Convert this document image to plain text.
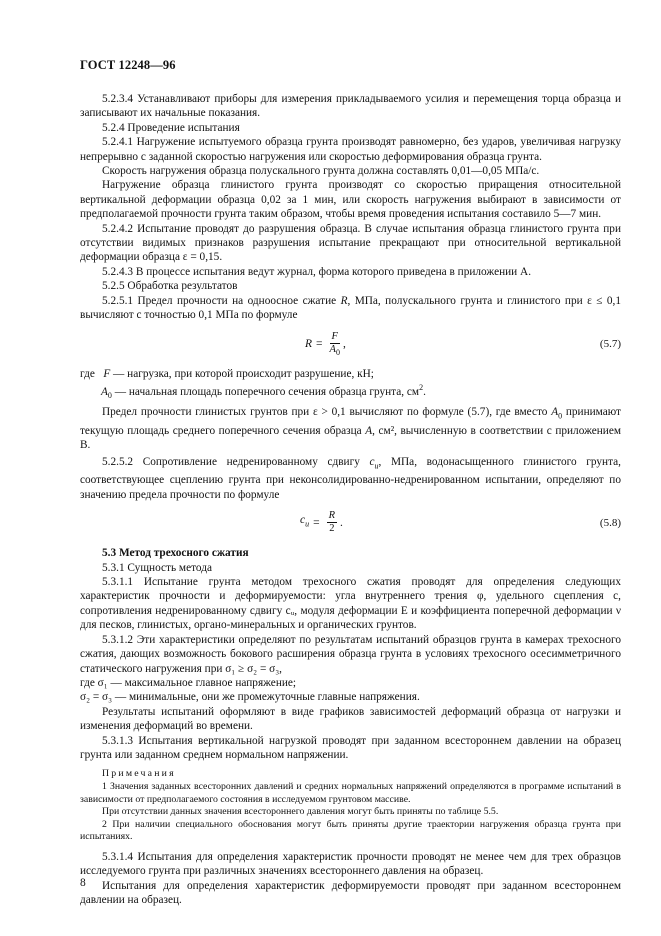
ГОСТ 12248—96

5.2.3.4 Устанавливают приборы для измерения прикладываемого усилия и перемещения торца образца и записывают их начальные показания.

5.2.4 Проведение испытания

5.2.4.1 Нагружение испытуемого образца грунта производят равномерно, без ударов, увеличивая нагрузку непрерывно с заданной скоростью нагружения или скоростью деформирования образца грунта.

Скорость нагружения образца полускального грунта должна составлять 0,01—0,05 МПа/с.

Нагружение образца глинистого грунта производят со скоростью приращения относительной вертикальной деформации образца 0,02 за 1 мин, или скорость нагружения выбирают в зависимости от предполагаемой прочности грунта таким образом, чтобы время проведения испытания составило 5—7 мин.

5.2.4.2 Испытание проводят до разрушения образца. В случае испытания образца глинистого грунта при отсутствии видимых признаков разрушения испытание прекращают при относительной вертикальной деформации образца ε = 0,15.

5.2.4.3 В процессе испытания ведут журнал, форма которого приведена в приложении А.

5.2.5 Обработка результатов

5.2.5.1 Предел прочности на одноосное сжатие R, МПа, полускального грунта и глинистого при ε ≤ 0,1 вычисляют с точностью 0,1 МПа по формуле

$R = \frac{F}{A_0}$ ,	(5.7)

где   F — нагрузка, при которой происходит разрушение, кН;

$A_0$ — начальная площадь поперечного сечения образца грунта, $см^2$.

Предел прочности глинистых грунтов при ε > 0,1 вычисляют по формуле (5.7), где вместо $A_0$ принимают текущую площадь среднего поперечного сечения образца A, см², вычисленную в соответствии с приложением В.

5.2.5.2 Сопротивление недренированному сдвигу $c_u$, МПа, водонасыщенного глинистого грунта, соответствующее сцеплению грунта при неконсолидированно-недренированном испытании, определяют по значению предела прочности по формуле

$c_u = \frac{R}{2}$ .	(5.8)

5.3 Метод трехосного сжатия

5.3.1 Сущность метода

5.3.1.1 Испытание грунта методом трехосного сжатия проводят для определения следующих характеристик прочности и деформируемости: угла внутреннего трения φ, удельного сцепления c, сопротивления недренированному сдвигу cᵤ, модуля деформации E и коэффициента поперечной деформации ν для песков, глинистых, органо-минеральных и органических грунтов.

5.3.1.2 Эти характеристики определяют по результатам испытаний образцов грунта в камерах трехосного сжатия, дающих возможность бокового расширения образца грунта в условиях трехосного осесимметричного статического нагружения при σ₁ ≥ σ₂ = σ₃,

где σ₁ — максимальное главное напряжение;

σ₂ = σ₃ — минимальные, они же промежуточные главные напряжения.

Результаты испытаний оформляют в виде графиков зависимостей деформаций образца от нагрузки и изменения деформаций во времени.

5.3.1.3 Испытания вертикальной нагрузкой проводят при заданном всестороннем давлении на образец грунта или заданном среднем нормальном напряжении.

Примечания

1 Значения заданных всесторонних давлений и средних нормальных напряжений определяются в программе испытаний в зависимости от предполагаемого состояния в исследуемом грунтовом массиве.

При отсутствии данных значения всестороннего давления могут быть приняты по таблице 5.5.

2 При наличии специального обоснования могут быть приняты другие траектории нагружения образца грунта при испытаниях.

5.3.1.4 Испытания для определения характеристик прочности проводят не менее чем для трех образцов исследуемого грунта при различных значениях всестороннего давления на образец.

Испытания для определения характеристик деформируемости проводят при заданном всестороннем давлении на образец.

8
